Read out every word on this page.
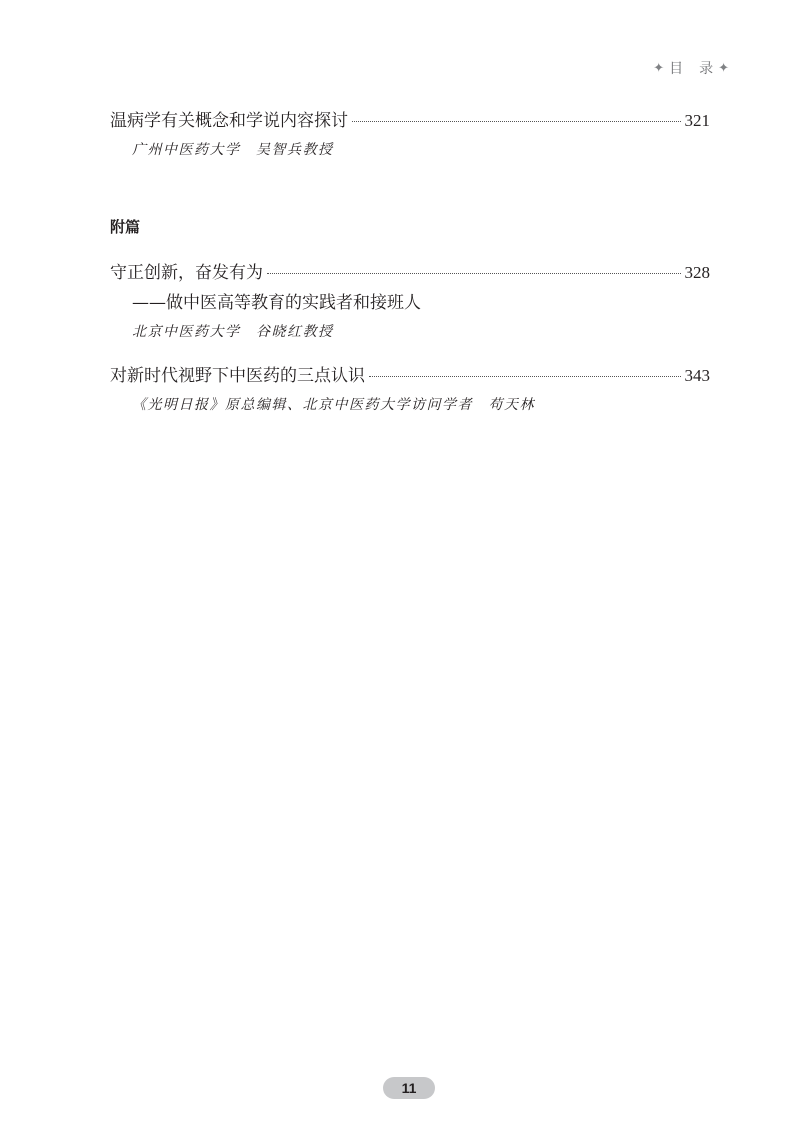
✦ 目　录 ✦
温病学有关概念和学说内容探讨	321
广州中医药大学　吴智兵教授
附篇
守正创新，奋发有为	328
——做中医高等教育的实践者和接班人
北京中医药大学　谷晓红教授
对新时代视野下中医药的三点认识	343
《光明日报》原总编辑、北京中医药大学访问学者　苟天林
11
